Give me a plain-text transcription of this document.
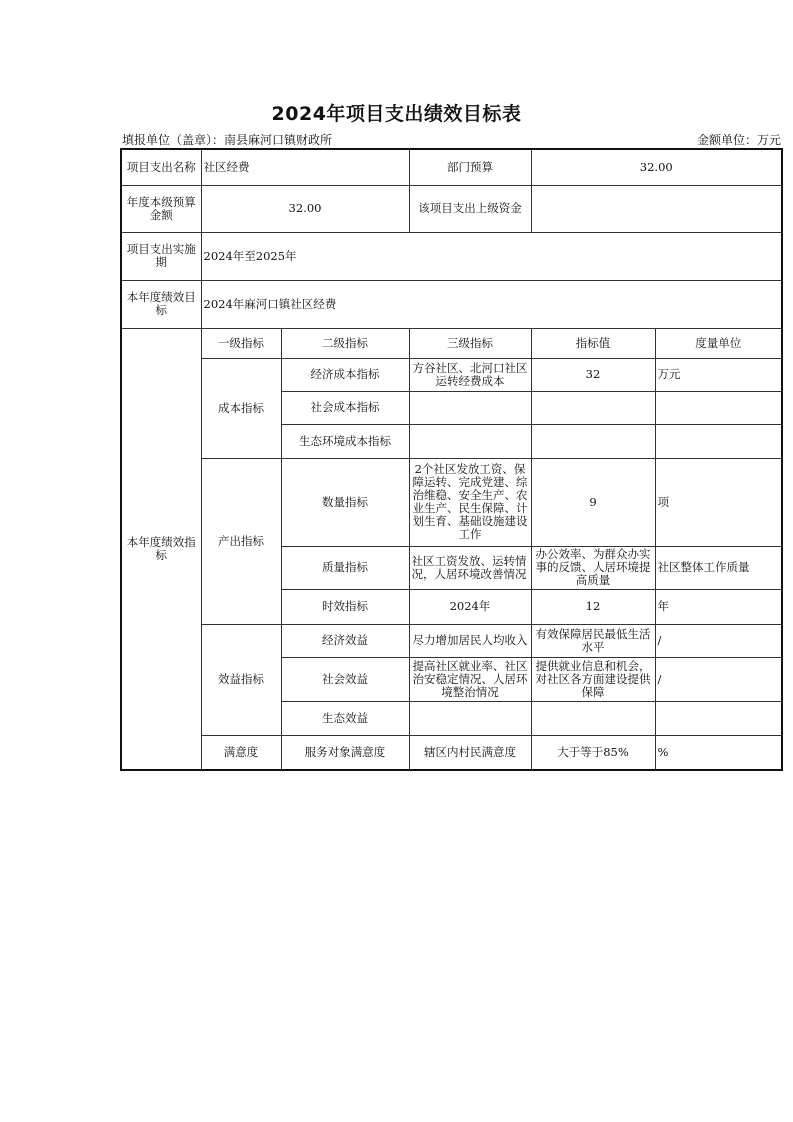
2024年项目支出绩效目标表
填报单位（盖章）：南县麻河口镇财政所	金额单位：万元
项目支出名称	社区经费		部门预算	32.00	
年度本级预算金额	32.00		该项目支出上级资金		
项目支出实施期	2024年至2025年				
本年度绩效目标	2024年麻河口镇社区经费				
本年度绩效指标	一级指标	二级指标	三级指标	指标值	度量单位
	成本指标	经济成本指标	方谷社区、北河口社区运转经费成本	32	万元
		社会成本指标			
		生态环境成本指标			
	产出指标	数量指标	2个社区发放工资、保障运转、完成党建、综治维稳、安全生产、农业生产、民生保障、计划生育、基础设施建设工作	9	项
		质量指标	社区工资发放、运转情况，人居环境改善情况	办公效率、为群众办实事的反馈、人居环境提高质量	社区整体工作质量
		时效指标	2024年	12	年
	效益指标	经济效益	尽力增加居民人均收入	有效保障居民最低生活水平	/
		社会效益	提高社区就业率、社区治安稳定情况、人居环境整治情况	提供就业信息和机会，对社区各方面建设提供保障	/
		生态效益			
	满意度	服务对象满意度	辖区内村民满意度	大于等于85%	%
